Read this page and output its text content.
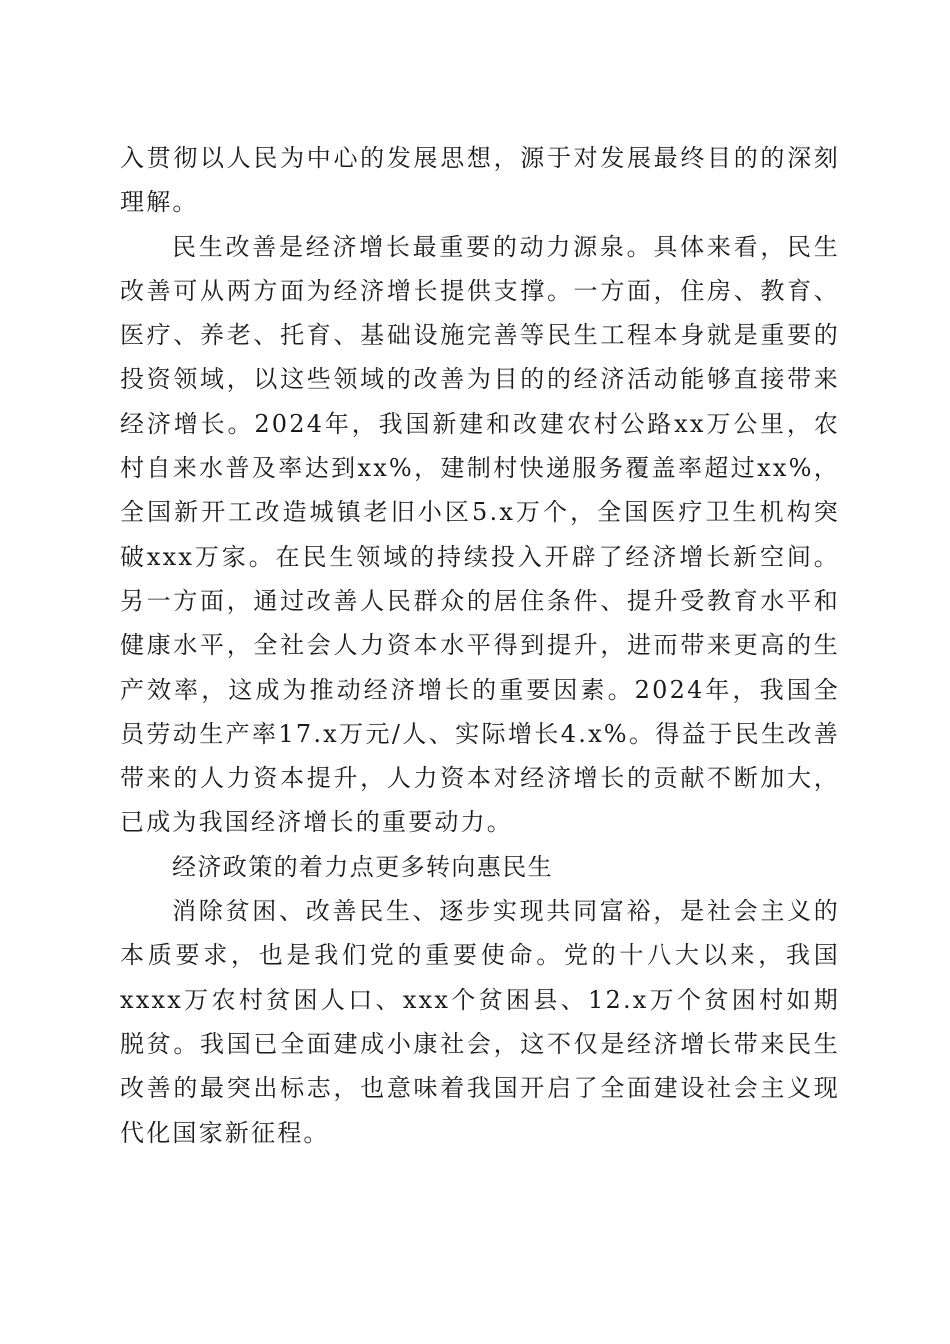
入贯彻以人民为中心的发展思想，源于对发展最终目的的深刻理解。

民生改善是经济增长最重要的动力源泉。具体来看，民生改善可从两方面为经济增长提供支撑。一方面，住房、教育、医疗、养老、托育、基础设施完善等民生工程本身就是重要的投资领域，以这些领域的改善为目的的经济活动能够直接带来经济增长。2024年，我国新建和改建农村公路xx万公里，农村自来水普及率达到xx%，建制村快递服务覆盖率超过xx%，全国新开工改造城镇老旧小区5.x万个，全国医疗卫生机构突破xxx万家。在民生领域的持续投入开辟了经济增长新空间。另一方面，通过改善人民群众的居住条件、提升受教育水平和健康水平，全社会人力资本水平得到提升，进而带来更高的生产效率，这成为推动经济增长的重要因素。2024年，我国全员劳动生产率17.x万元/人、实际增长4.x%。得益于民生改善带来的人力资本提升，人力资本对经济增长的贡献不断加大，已成为我国经济增长的重要动力。

经济政策的着力点更多转向惠民生

消除贫困、改善民生、逐步实现共同富裕，是社会主义的本质要求，也是我们党的重要使命。党的十八大以来，我国xxxx万农村贫困人口、xxx个贫困县、12.x万个贫困村如期脱贫。我国已全面建成小康社会，这不仅是经济增长带来民生改善的最突出标志，也意味着我国开启了全面建设社会主义现代化国家新征程。
